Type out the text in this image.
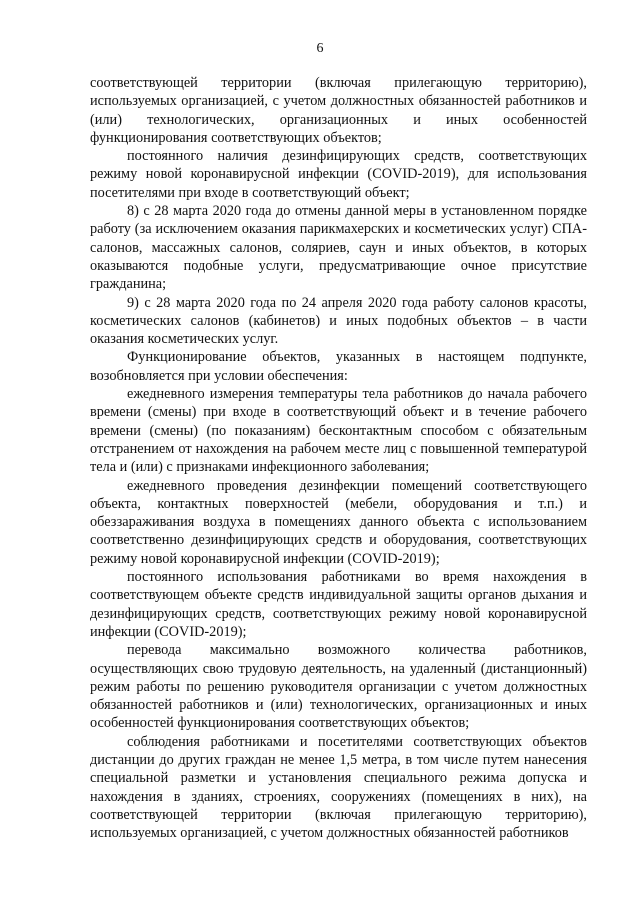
6

соответствующей территории (включая прилегающую территорию), используемых организацией, с учетом должностных обязанностей работников и (или) технологических, организационных и иных особенностей функционирования соответствующих объектов;

постоянного наличия дезинфицирующих средств, соответствующих режиму новой коронавирусной инфекции (COVID-2019), для использования посетителями при входе в соответствующий объект;

8) с 28 марта 2020 года до отмены данной меры в установленном порядке работу (за исключением оказания парикмахерских и косметических услуг) СПА-салонов, массажных салонов, соляриев, саун и иных объектов, в которых оказываются подобные услуги, предусматривающие очное присутствие гражданина;

9) с 28 марта 2020 года по 24 апреля 2020 года работу салонов красоты, косметических салонов (кабинетов) и иных подобных объектов – в части оказания косметических услуг.

Функционирование объектов, указанных в настоящем подпункте, возобновляется при условии обеспечения:

ежедневного измерения температуры тела работников до начала рабочего времени (смены) при входе в соответствующий объект и в течение рабочего времени (смены) (по показаниям) бесконтактным способом с обязательным отстранением от нахождения на рабочем месте лиц с повышенной температурой тела и (или) с признаками инфекционного заболевания;

ежедневного проведения дезинфекции помещений соответствующего объекта, контактных поверхностей (мебели, оборудования и т.п.) и обеззараживания воздуха в помещениях данного объекта с использованием соответственно дезинфицирующих средств и оборудования, соответствующих режиму новой коронавирусной инфекции (COVID-2019);

постоянного использования работниками во время нахождения в соответствующем объекте средств индивидуальной защиты органов дыхания и дезинфицирующих средств, соответствующих режиму новой коронавирусной инфекции (COVID-2019);

перевода максимально возможного количества работников, осуществляющих свою трудовую деятельность, на удаленный (дистанционный) режим работы по решению руководителя организации с учетом должностных обязанностей работников и (или) технологических, организационных и иных особенностей функционирования соответствующих объектов;

соблюдения работниками и посетителями соответствующих объектов дистанции до других граждан не менее 1,5 метра, в том числе путем нанесения специальной разметки и установления специального режима допуска и нахождения в зданиях, строениях, сооружениях (помещениях в них), на соответствующей территории (включая прилегающую территорию), используемых организацией, с учетом должностных обязанностей работников
